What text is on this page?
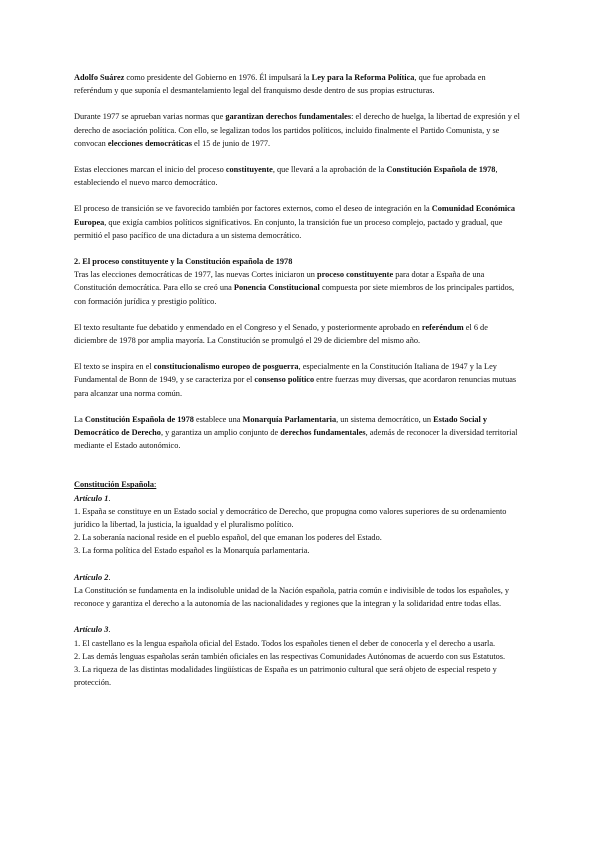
Adolfo Suárez como presidente del Gobierno en 1976. Él impulsará la Ley para la Reforma Política, que fue aprobada en referéndum y que suponía el desmantelamiento legal del franquismo desde dentro de sus propias estructuras.

Durante 1977 se aprueban varias normas que garantizan derechos fundamentales: el derecho de huelga, la libertad de expresión y el derecho de asociación política. Con ello, se legalizan todos los partidos políticos, incluido finalmente el Partido Comunista, y se convocan elecciones democráticas el 15 de junio de 1977.

Estas elecciones marcan el inicio del proceso constituyente, que llevará a la aprobación de la Constitución Española de 1978, estableciendo el nuevo marco democrático.

El proceso de transición se ve favorecido también por factores externos, como el deseo de integración en la Comunidad Económica Europea, que exigía cambios políticos significativos. En conjunto, la transición fue un proceso complejo, pactado y gradual, que permitió el paso pacífico de una dictadura a un sistema democrático.

2. El proceso constituyente y la Constitución española de 1978

Tras las elecciones democráticas de 1977, las nuevas Cortes iniciaron un proceso constituyente para dotar a España de una Constitución democrática. Para ello se creó una Ponencia Constitucional compuesta por siete miembros de los principales partidos, con formación jurídica y prestigio político.

El texto resultante fue debatido y enmendado en el Congreso y el Senado, y posteriormente aprobado en referéndum el 6 de diciembre de 1978 por amplia mayoría. La Constitución se promulgó el 29 de diciembre del mismo año.

El texto se inspira en el constitucionalismo europeo de posguerra, especialmente en la Constitución Italiana de 1947 y la Ley Fundamental de Bonn de 1949, y se caracteriza por el consenso político entre fuerzas muy diversas, que acordaron renuncias mutuas para alcanzar una norma común.

La Constitución Española de 1978 establece una Monarquía Parlamentaria, un sistema democrático, un Estado Social y Democrático de Derecho, y garantiza un amplio conjunto de derechos fundamentales, además de reconocer la diversidad territorial mediante el Estado autonómico.

Constitución Española:

Artículo 1.

1. España se constituye en un Estado social y democrático de Derecho, que propugna como valores superiores de su ordenamiento jurídico la libertad, la justicia, la igualdad y el pluralismo político.

2. La soberanía nacional reside en el pueblo español, del que emanan los poderes del Estado.

3. La forma política del Estado español es la Monarquía parlamentaria.

Artículo 2.

La Constitución se fundamenta en la indisoluble unidad de la Nación española, patria común e indivisible de todos los españoles, y reconoce y garantiza el derecho a la autonomía de las nacionalidades y regiones que la integran y la solidaridad entre todas ellas.

Artículo 3.

1. El castellano es la lengua española oficial del Estado. Todos los españoles tienen el deber de conocerla y el derecho a usarla.

2. Las demás lenguas españolas serán también oficiales en las respectivas Comunidades Autónomas de acuerdo con sus Estatutos.

3. La riqueza de las distintas modalidades lingüísticas de España es un patrimonio cultural que será objeto de especial respeto y protección.
